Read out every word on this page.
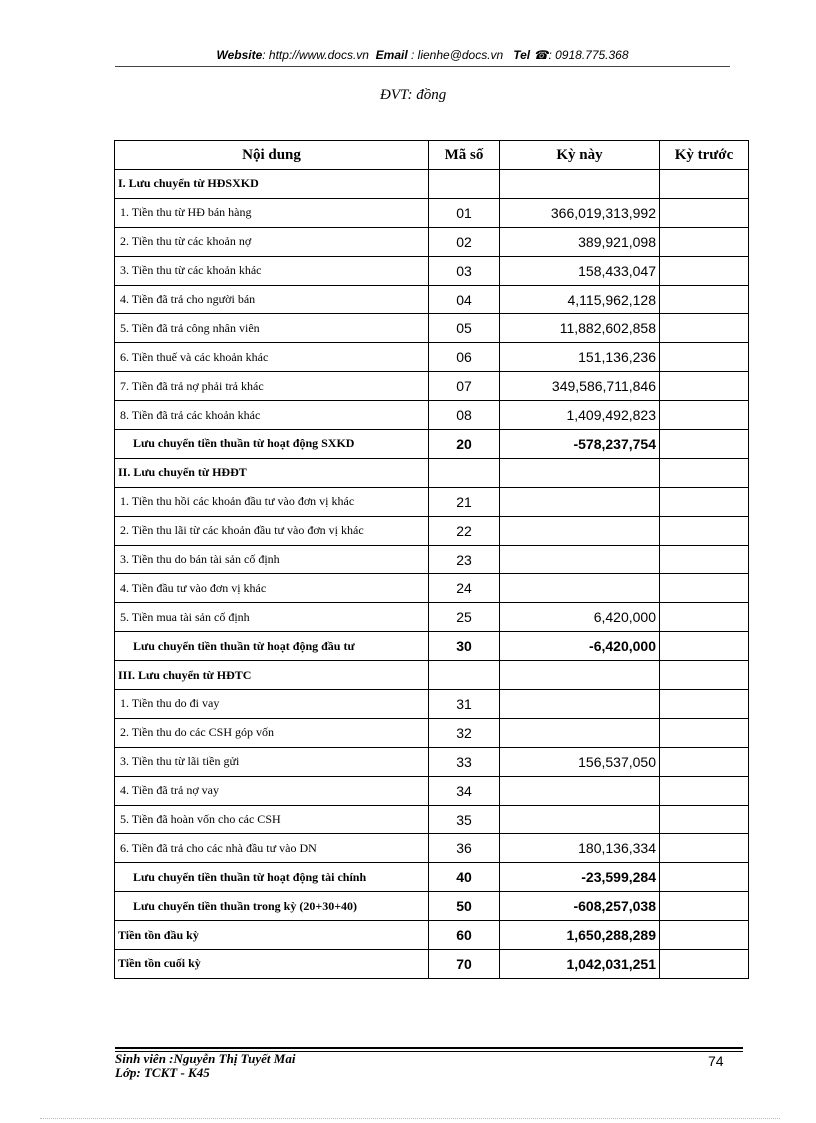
Website: http://www.docs.vn Email : lienhe@docs.vn Tel ☎: 0918.775.368
ĐVT: đồng
Nội dung	Mã số	Kỳ này	Kỳ trước
I. Lưu chuyển từ HĐSXKD			
1. Tiền thu từ HĐ bán hàng	01	366,019,313,992	
2. Tiền thu từ các khoản nợ	02	389,921,098	
3. Tiền thu từ các khoản khác	03	158,433,047	
4. Tiền đã trả cho người bán	04	4,115,962,128	
5. Tiền đã trả công nhân viên	05	11,882,602,858	
6. Tiền thuế và các khoản khác	06	151,136,236	
7. Tiền đã trả nợ phải trả khác	07	349,586,711,846	
8. Tiền đã trả các khoản khác	08	1,409,492,823	
Lưu chuyển tiền thuần từ hoạt động SXKD	20	-578,237,754	
II. Lưu chuyển từ HĐĐT			
1. Tiền thu hồi các khoản đầu tư vào đơn vị khác	21		
2. Tiền thu lãi từ các khoản đầu tư vào đơn vị khác	22		
3. Tiền thu do bán tài sản cố định	23		
4. Tiền đầu tư vào đơn vị khác	24		
5. Tiền mua tài sản cố định	25	6,420,000	
Lưu chuyển tiền thuần từ hoạt động đầu tư	30	-6,420,000	
III. Lưu chuyển từ HĐTC			
1. Tiền thu do đi vay	31		
2. Tiền thu do các CSH góp vốn	32		
3. Tiền thu từ lãi tiền gửi	33	156,537,050	
4. Tiền đã trả nợ vay	34		
5. Tiền đã hoàn vốn cho các CSH	35		
6. Tiền đã trả cho các nhà đầu tư vào DN	36	180,136,334	
Lưu chuyển tiền thuần từ hoạt động tài chính	40	-23,599,284	
Lưu chuyển tiền thuần trong kỳ (20+30+40)	50	-608,257,038	
Tiền tồn đầu kỳ	60	1,650,288,289	
Tiền tồn cuối kỳ	70	1,042,031,251	
Sinh viên :Nguyễn Thị Tuyết Mai
Lớp: TCKT - K45
74
